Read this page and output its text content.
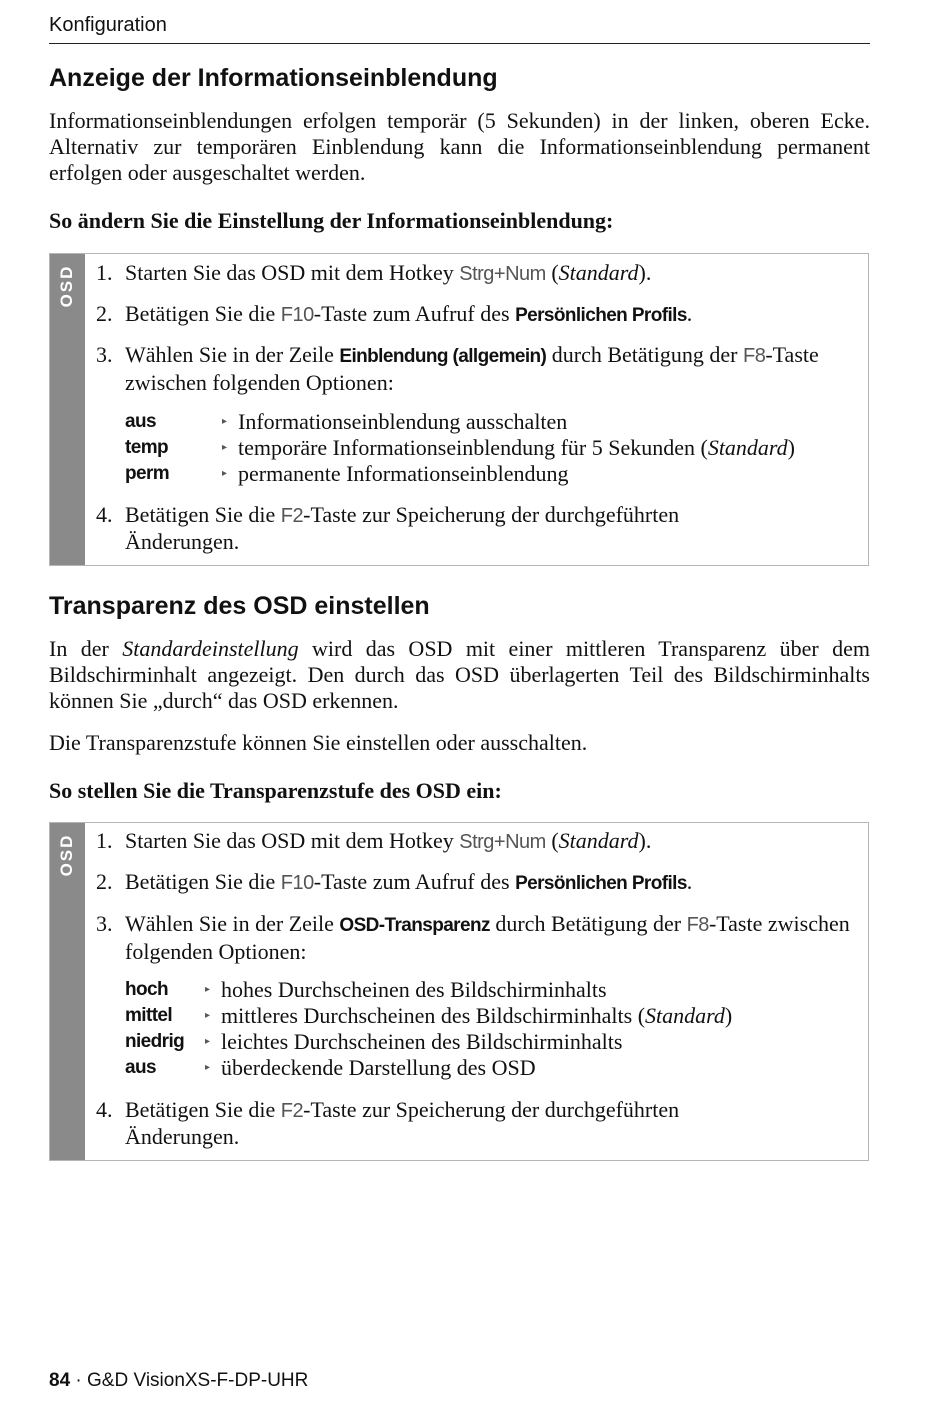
Konfiguration
Anzeige der Informationseinblendung

Informationseinblendungen erfolgen temporär (5 Sekunden) in der linken, oberen Ecke. Alternativ zur temporären Einblendung kann die Informationseinblendung permanent erfolgen oder ausgeschaltet werden.

So ändern Sie die Einstellung der Informationseinblendung:

OSD 1. Starten Sie das OSD mit dem Hotkey Strg+Num (Standard).
2. Betätigen Sie die F10-Taste zum Aufruf des Persönlichen Profils.
3. Wählen Sie in der Zeile Einblendung (allgemein) durch Betätigung der F8-Taste zwischen folgenden Optionen:
aus	▸ Informationseinblendung ausschalten
temp	▸ temporäre Informationseinblendung für 5 Sekunden (Standard)
perm	▸ permanente Informationseinblendung
4. Betätigen Sie die F2-Taste zur Speicherung der durchgeführten Änderungen.
Transparenz des OSD einstellen

In der Standardeinstellung wird das OSD mit einer mittleren Transparenz über dem Bildschirminhalt angezeigt. Den durch das OSD überlagerten Teil des Bildschirminhalts können Sie „durch“ das OSD erkennen.

Die Transparenzstufe können Sie einstellen oder ausschalten.

So stellen Sie die Transparenzstufe des OSD ein:

OSD 1. Starten Sie das OSD mit dem Hotkey Strg+Num (Standard).
2. Betätigen Sie die F10-Taste zum Aufruf des Persönlichen Profils.
3. Wählen Sie in der Zeile OSD-Transparenz durch Betätigung der F8-Taste zwischen folgenden Optionen:
hoch	▸ hohes Durchscheinen des Bildschirminhalts
mittel	▸ mittleres Durchscheinen des Bildschirminhalts (Standard)
niedrig ▸ leichtes Durchscheinen des Bildschirminhalts
aus	▸ überdeckende Darstellung des OSD
4. Betätigen Sie die F2-Taste zur Speicherung der durchgeführten Änderungen.
84 · G&D VisionXS-F-DP-UHR
